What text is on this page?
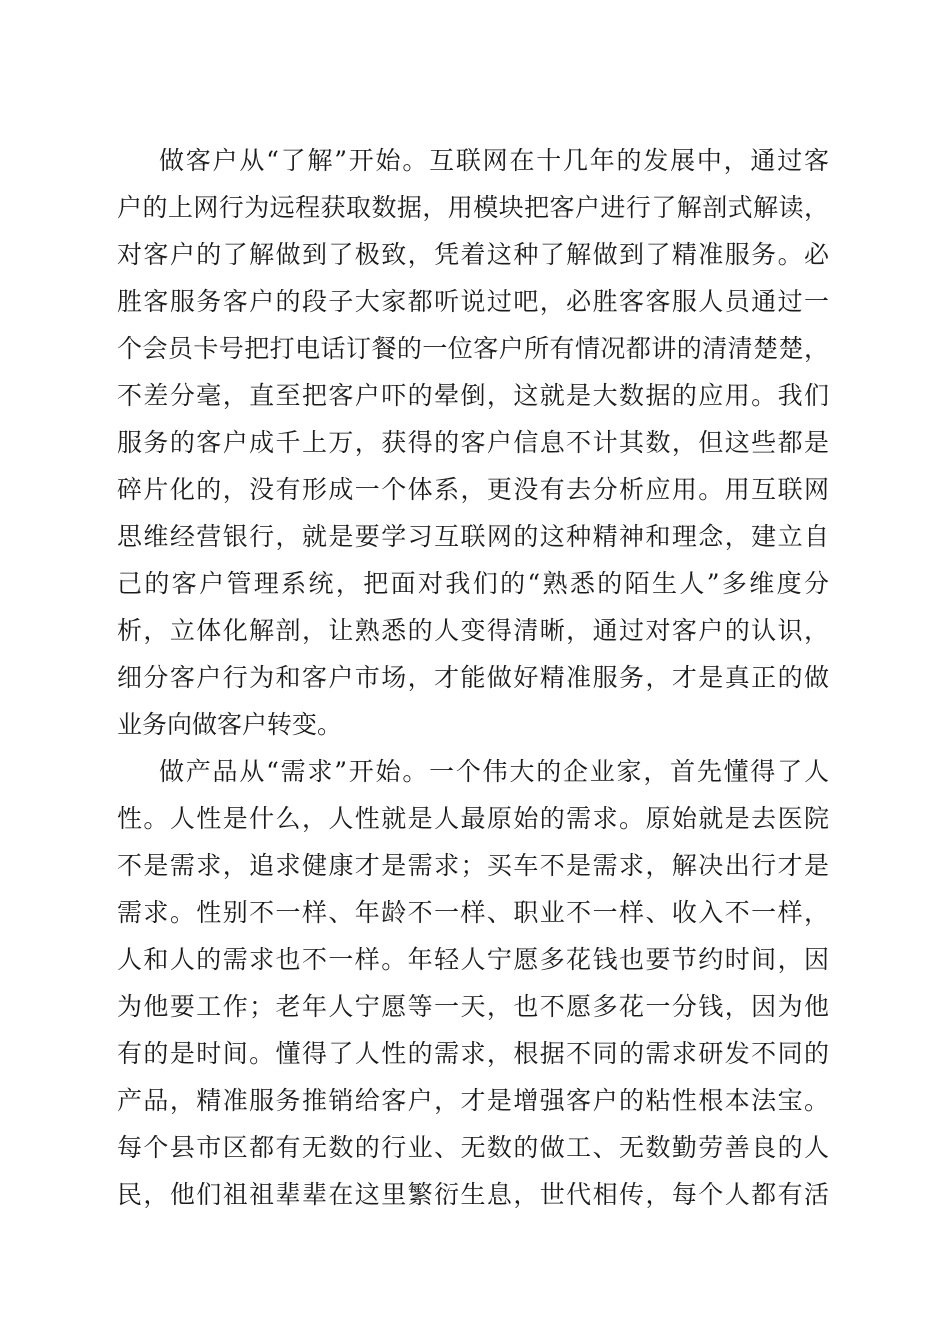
做客户从“了解”开始。互联网在十几年的发展中，通过客
户的上网行为远程获取数据，用模块把客户进行了解剖式解读，
对客户的了解做到了极致，凭着这种了解做到了精准服务。必
胜客服务客户的段子大家都听说过吧，必胜客客服人员通过一
个会员卡号把打电话订餐的一位客户所有情况都讲的清清楚楚，
不差分毫，直至把客户吓的晕倒，这就是大数据的应用。我们
服务的客户成千上万，获得的客户信息不计其数，但这些都是
碎片化的，没有形成一个体系，更没有去分析应用。用互联网
思维经营银行，就是要学习互联网的这种精神和理念，建立自
己的客户管理系统，把面对我们的“熟悉的陌生人”多维度分
析，立体化解剖，让熟悉的人变得清晰，通过对客户的认识，
细分客户行为和客户市场，才能做好精准服务，才是真正的做
业务向做客户转变。
做产品从“需求”开始。一个伟大的企业家，首先懂得了人
性。人性是什么，人性就是人最原始的需求。原始就是去医院
不是需求，追求健康才是需求；买车不是需求，解决出行才是
需求。性别不一样、年龄不一样、职业不一样、收入不一样，
人和人的需求也不一样。年轻人宁愿多花钱也要节约时间，因
为他要工作；老年人宁愿等一天，也不愿多花一分钱，因为他
有的是时间。懂得了人性的需求，根据不同的需求研发不同的
产品，精准服务推销给客户，才是增强客户的粘性根本法宝。
每个县市区都有无数的行业、无数的做工、无数勤劳善良的人
民，他们祖祖辈辈在这里繁衍生息，世代相传，每个人都有活
